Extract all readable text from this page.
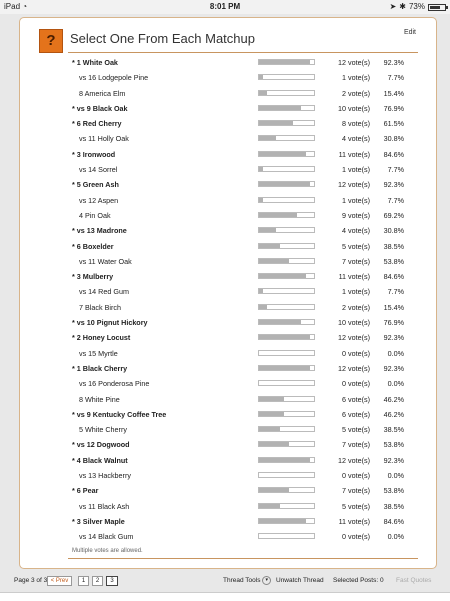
iPad ◔	8:01 PM	➤ ✱ 73%
?	Select One From Each Matchup	Edit
* 1 White Oak	12 vote(s)	92.3%
vs 16 Lodgepole Pine	1 vote(s)	7.7%
8 America Elm	2 vote(s)	15.4%
* vs 9 Black Oak	10 vote(s)	76.9%
* 6 Red Cherry	8 vote(s)	61.5%
vs 11 Holly Oak	4 vote(s)	30.8%
* 3 Ironwood	11 vote(s)	84.6%
vs 14 Sorrel	1 vote(s)	7.7%
* 5 Green Ash	12 vote(s)	92.3%
vs 12 Aspen	1 vote(s)	7.7%
4 Pin Oak	9 vote(s)	69.2%
* vs 13 Madrone	4 vote(s)	30.8%
* 6 Boxelder	5 vote(s)	38.5%
vs 11 Water Oak	7 vote(s)	53.8%
* 3 Mulberry	11 vote(s)	84.6%
vs 14 Red Gum	1 vote(s)	7.7%
7 Black Birch	2 vote(s)	15.4%
* vs 10 Pignut Hickory	10 vote(s)	76.9%
* 2 Honey Locust	12 vote(s)	92.3%
vs 15 Myrtle	0 vote(s)	0.0%
* 1 Black Cherry	12 vote(s)	92.3%
vs 16 Ponderosa Pine	0 vote(s)	0.0%
8 White Pine	6 vote(s)	46.2%
* vs 9 Kentucky Coffee Tree	6 vote(s)	46.2%
5 White Cherry	5 vote(s)	38.5%
* vs 12 Dogwood	7 vote(s)	53.8%
* 4 Black Walnut	12 vote(s)	92.3%
vs 13 Hackberry	0 vote(s)	0.0%
* 6 Pear	7 vote(s)	53.8%
vs 11 Black Ash	5 vote(s)	38.5%
* 3 Silver Maple	11 vote(s)	84.6%
vs 14 Black Gum	0 vote(s)	0.0%
Multiple votes are allowed.
Page 3 of 3 < Prev	1	2	3	Thread Tools ▾	Unwatch Thread Selected Posts: 0 Fast Quotes
